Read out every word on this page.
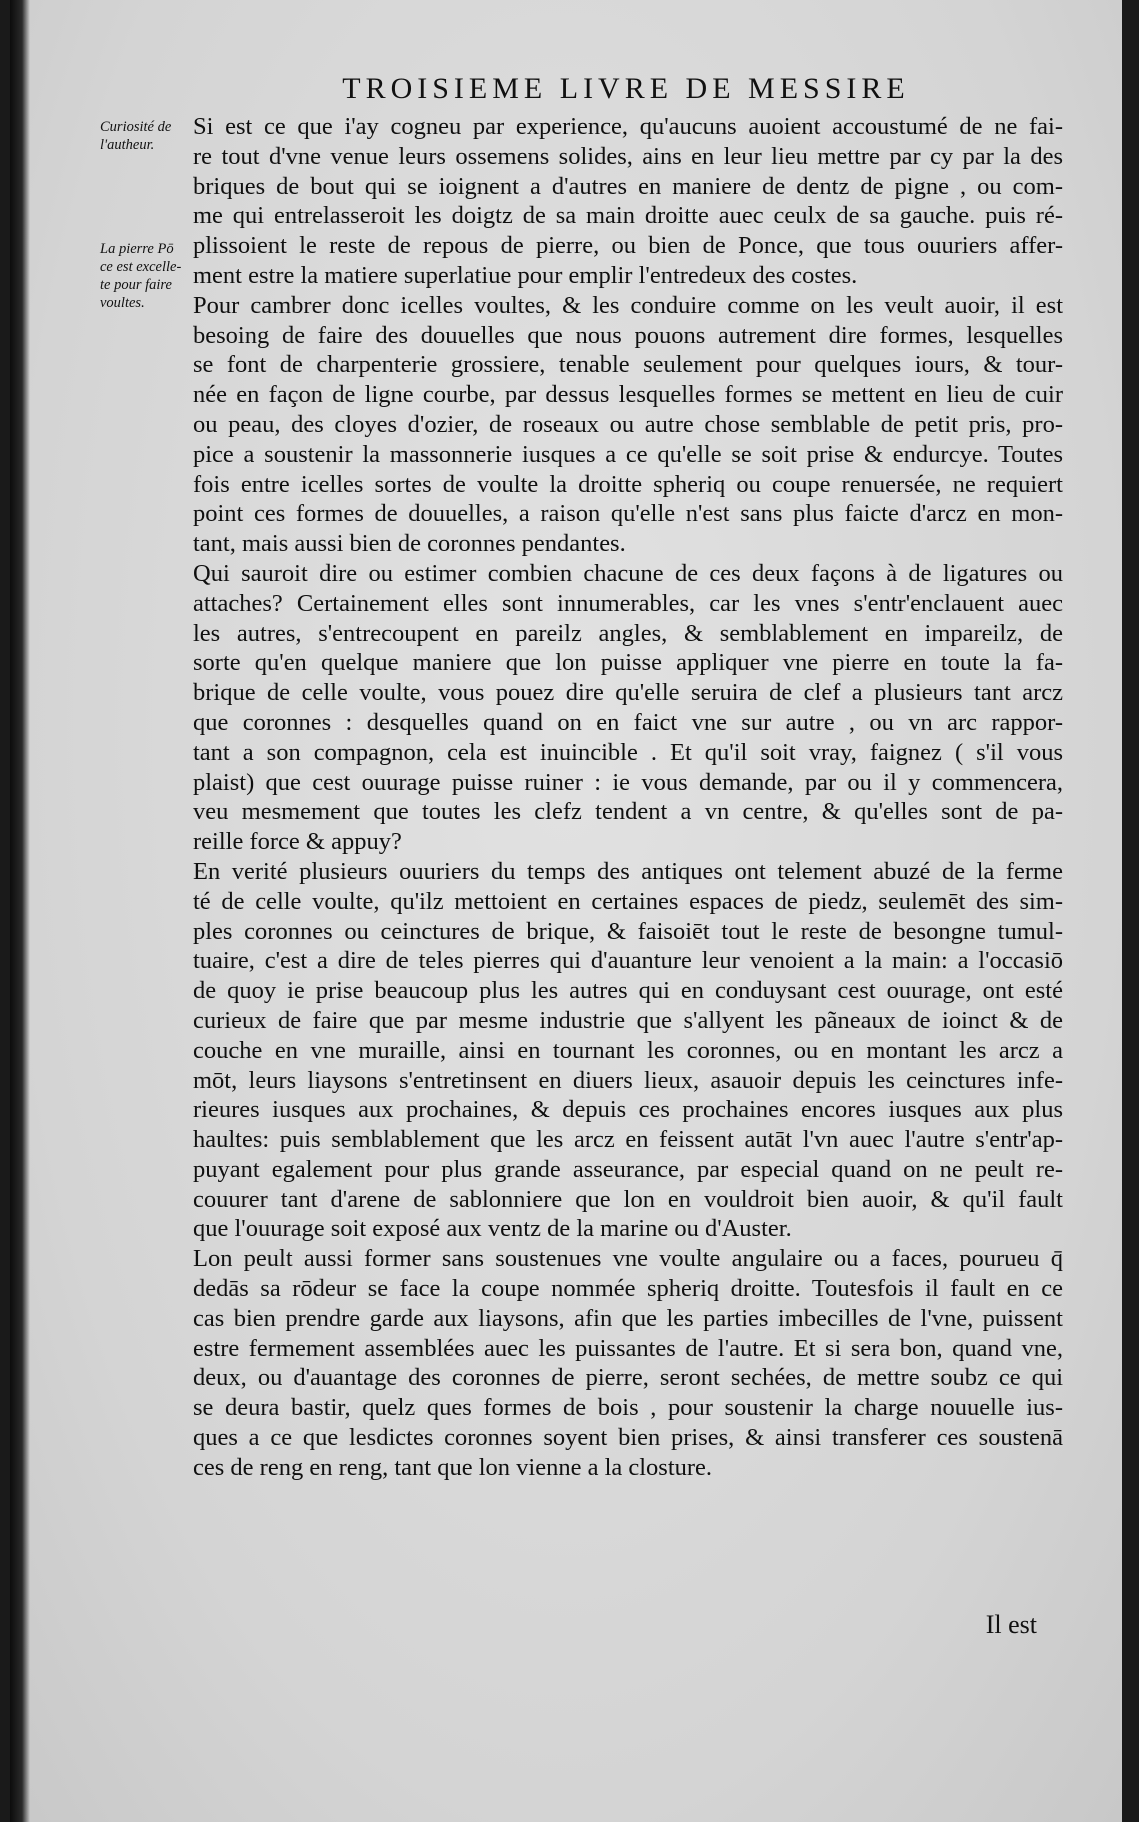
TROISIEME LIVRE DE MESSIRE
Curiosité de
l'autheur.
La pierre Pō
ce est excelle-
te pour faire
voultes.
Si est ce que i'ay cogneu par experience, qu'aucuns auoient accoustumé de ne fai-
re tout d'vne venue leurs ossemens solides, ains en leur lieu mettre par cy par la des
briques de bout qui se ioignent a d'autres en maniere de dentz de pigne , ou com-
me qui entrelasseroit les doigtz de sa main droitte auec ceulx de sa gauche. puis ré-
plissoient le reste de repous de pierre, ou bien de Ponce, que tous ouuriers affer-
ment estre la matiere superlatiue pour emplir l'entredeux des costes.
Pour cambrer donc icelles voultes, & les conduire comme on les veult auoir, il est
besoing de faire des douuelles que nous pouons autrement dire formes, lesquelles
se font de charpenterie grossiere, tenable seulement pour quelques iours, & tour-
née en façon de ligne courbe, par dessus lesquelles formes se mettent en lieu de cuir
ou peau, des cloyes d'ozier, de roseaux ou autre chose semblable de petit pris, pro-
pice a soustenir la massonnerie iusques a ce qu'elle se soit prise & endurcye. Toutes
fois entre icelles sortes de voulte la droitte spheriq ou coupe renuersée, ne requiert
point ces formes de douuelles, a raison qu'elle n'est sans plus faicte d'arcz en mon-
tant, mais aussi bien de coronnes pendantes.
Qui sauroit dire ou estimer combien chacune de ces deux façons à de ligatures ou
attaches? Certainement elles sont innumerables, car les vnes s'entr'enclauent auec
les autres, s'entrecoupent en pareilz angles, & semblablement en impareilz, de
sorte qu'en quelque maniere que lon puisse appliquer vne pierre en toute la fa-
brique de celle voulte, vous pouez dire qu'elle seruira de clef a plusieurs tant arcz
que coronnes : desquelles quand on en faict vne sur autre , ou vn arc rappor-
tant a son compagnon, cela est inuincible . Et qu'il soit vray, faignez ( s'il vous
plaist) que cest ouurage puisse ruiner : ie vous demande, par ou il y commencera,
veu mesmement que toutes les clefz tendent a vn centre, & qu'elles sont de pa-
reille force & appuy?
En verité plusieurs ouuriers du temps des antiques ont telement abuzé de la ferme
té de celle voulte, qu'ilz mettoient en certaines espaces de piedz, seulemēt des sim-
ples coronnes ou ceinctures de brique, & faisoiēt tout le reste de besongne tumul-
tuaire, c'est a dire de teles pierres qui d'auanture leur venoient a la main: a l'occasiō
de quoy ie prise beaucoup plus les autres qui en conduysant cest ouurage, ont esté
curieux de faire que par mesme industrie que s'allyent les pãneaux de ioinct & de
couche en vne muraille, ainsi en tournant les coronnes, ou en montant les arcz a
mōt, leurs liaysons s'entretinsent en diuers lieux, asauoir depuis les ceinctures infe-
rieures iusques aux prochaines, & depuis ces prochaines encores iusques aux plus
haultes: puis semblablement que les arcz en feissent autāt l'vn auec l'autre s'entr'ap-
puyant egalement pour plus grande asseurance, par especial quand on ne peult re-
couurer tant d'arene de sablonniere que lon en vouldroit bien auoir, & qu'il fault
que l'ouurage soit exposé aux ventz de la marine ou d'Auster.
Lon peult aussi former sans soustenues vne voulte angulaire ou a faces, pourueu q̄
dedās sa rōdeur se face la coupe nommée spheriq droitte. Toutesfois il fault en ce
cas bien prendre garde aux liaysons, afin que les parties imbecilles de l'vne, puissent
estre fermement assemblées auec les puissantes de l'autre. Et si sera bon, quand vne,
deux, ou d'auantage des coronnes de pierre, seront sechées, de mettre soubz ce qui
se deura bastir, quelz ques formes de bois , pour soustenir la charge nouuelle ius-
ques a ce que lesdictes coronnes soyent bien prises, & ainsi transferer ces soustenā
ces de reng en reng, tant que lon vienne a la closture.
Il est
